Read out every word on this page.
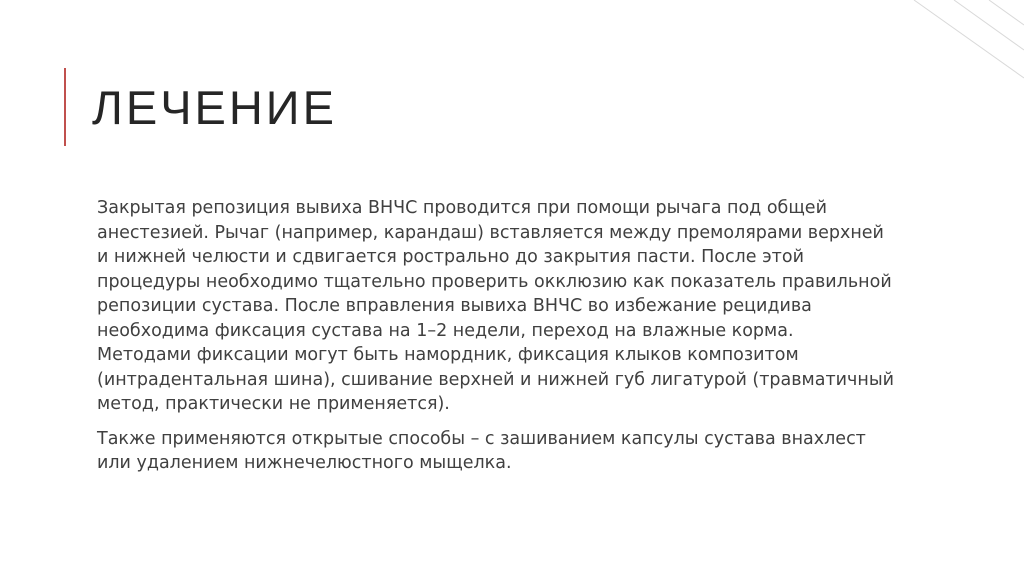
ЛЕЧЕНИЕ

Закрытая репозиция вывиха ВНЧС проводится при помощи рычага под общей анестезией. Рычаг (например, карандаш) вставляется между премолярами верхней и нижней челюсти и сдвигается рострально до закрытия пасти. После этой процедуры необходимо тщательно проверить окклюзию как показатель правильной репозиции сустава. После вправления вывиха ВНЧС во избежание рецидива необходима фиксация сустава на 1–2 недели, переход на влажные корма.

Методами фиксации могут быть намордник, фиксация клыков композитом (интрадентальная шина), сшивание верхней и нижней губ лигатурой (травматичный метод, практически не применяется).

Также применяются открытые способы – с зашиванием капсулы сустава внахлест или удалением нижнечелюстного мыщелка.
